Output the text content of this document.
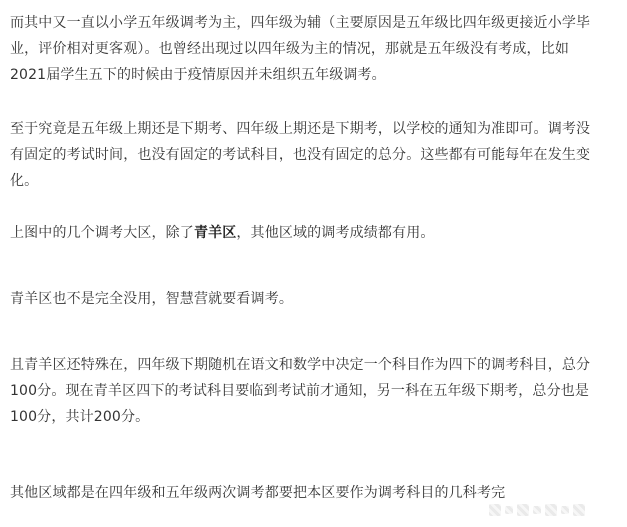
而其中又一直以小学五年级调考为主，四年级为辅（主要原因是五年级比四年级更接近小学毕
业，评价相对更客观）。也曾经出现过以四年级为主的情况，那就是五年级没有考成，比如
2021届学生五下的时候由于疫情原因并未组织五年级调考。

至于究竟是五年级上期还是下期考、四年级上期还是下期考，以学校的通知为准即可。调考没
有固定的考试时间，也没有固定的考试科目，也没有固定的总分。这些都有可能每年在发生变
化。

上图中的几个调考大区，除了青羊区，其他区域的调考成绩都有用。

青羊区也不是完全没用，智慧营就要看调考。

且青羊区还特殊在，四年级下期随机在语文和数学中决定一个科目作为四下的调考科目，总分
100分。现在青羊区四下的考试科目要临到考试前才通知，另一科在五年级下期考，总分也是
100分，共计200分。

其他区域都是在四年级和五年级两次调考都要把本区要作为调考科目的几科考完
